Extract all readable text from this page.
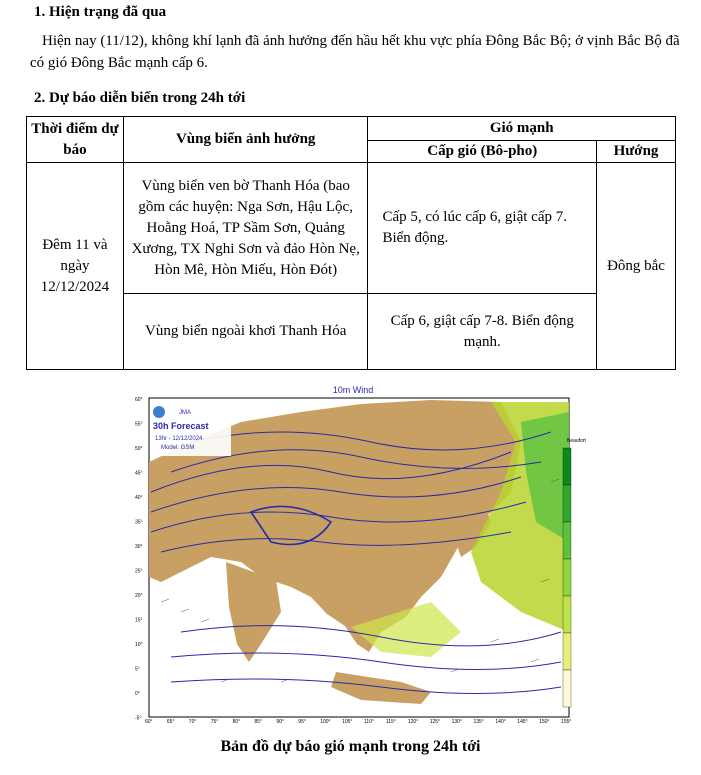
1. Hiện trạng đã qua
Hiện nay (11/12), không khí lạnh đã ảnh hưởng đến hầu hết khu vực phía Đông Bắc Bộ; ở vịnh Bắc Bộ đã có gió Đông Bắc mạnh cấp 6.
2. Dự báo diễn biến trong 24h tới
Thời điểm dự báo	Vùng biển ảnh hưởng	Gió mạnh	
		Cấp gió (Bô-pho)	Hướng
Đêm 11 và ngày 12/12/2024	Vùng biển ven bờ Thanh Hóa (bao gồm các huyện: Nga Sơn, Hậu Lộc, Hoằng Hoá, TP Sầm Sơn, Quảng Xương, TX Nghi Sơn và đảo Hòn Nẹ, Hòn Mê, Hòn Miếu, Hòn Đót)	Cấp 5, có lúc cấp 6, giật cấp 7. Biển động.	Đông bắc
	Vùng biển ngoài khơi Thanh Hóa	Cấp 6, giật cấp 7-8. Biển động mạnh.	
10m Wind
JMA
30h Forecast
13hr - 12/12/2024
Model: GSM
60°
55°
50°
45°
40°
35°
30°
25°
20°
15°
10°
5°
0°
-5°
60°	65°	70°	75°	80°	85°	90°	95°	100° 105° 110° 115° 120° 125° 130° 135° 140° 145° 150° 155°
Beaufort
Bản đồ dự báo gió mạnh trong 24h tới
